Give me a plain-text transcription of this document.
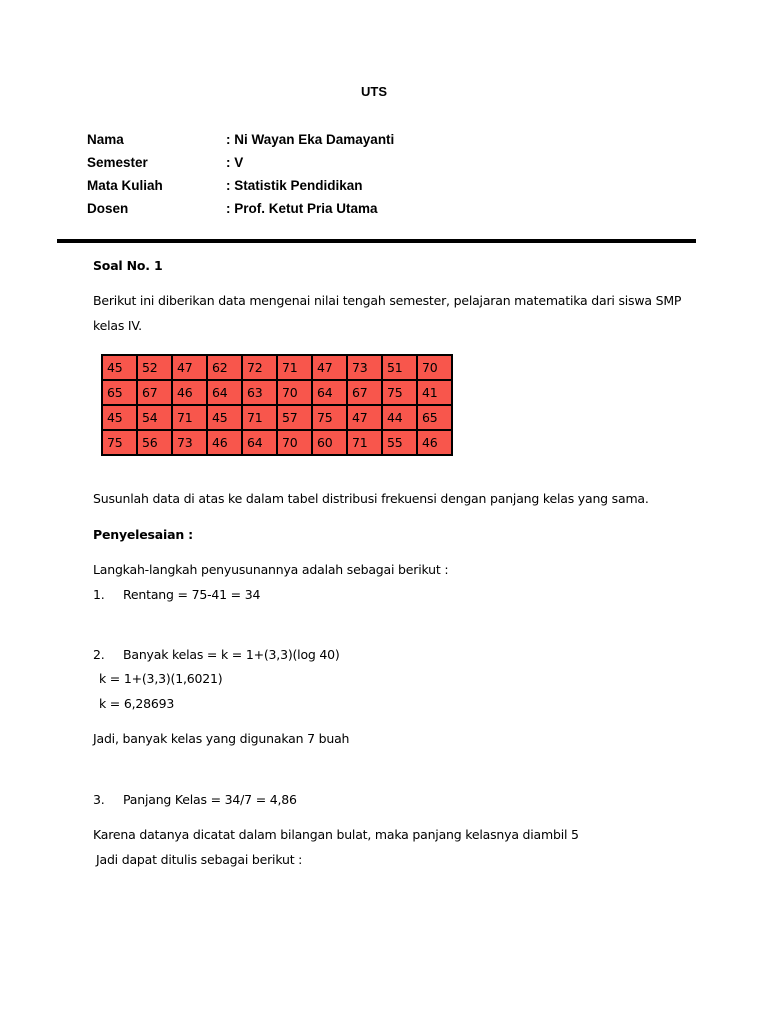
UTS
Nama	: Ni Wayan Eka Damayanti
Semester	: V
Mata Kuliah	: Statistik Pendidikan
Dosen	: Prof. Ketut Pria Utama
Soal No. 1
Berikut ini diberikan data mengenai nilai tengah semester, pelajaran matematika dari siswa SMP
kelas IV.
45	52	47	62	72	71	47	73	51	70
65	67	46	64	63	70	64	67	75	41
45	54	71	45	71	57	75	47	44	65
75	56	73	46	64	70	60	71	55	46
Susunlah data di atas ke dalam tabel distribusi frekuensi dengan panjang kelas yang sama.
Penyelesaian :
Langkah-langkah penyusunannya adalah sebagai berikut :
1. Rentang = 75-41 = 34
2. Banyak kelas = k = 1+(3,3)(log 40)
k = 1+(3,3)(1,6021)
k = 6,28693
Jadi, banyak kelas yang digunakan 7 buah
3. Panjang Kelas = 34/7 = 4,86
Karena datanya dicatat dalam bilangan bulat, maka panjang kelasnya diambil 5
Jadi dapat ditulis sebagai berikut :
